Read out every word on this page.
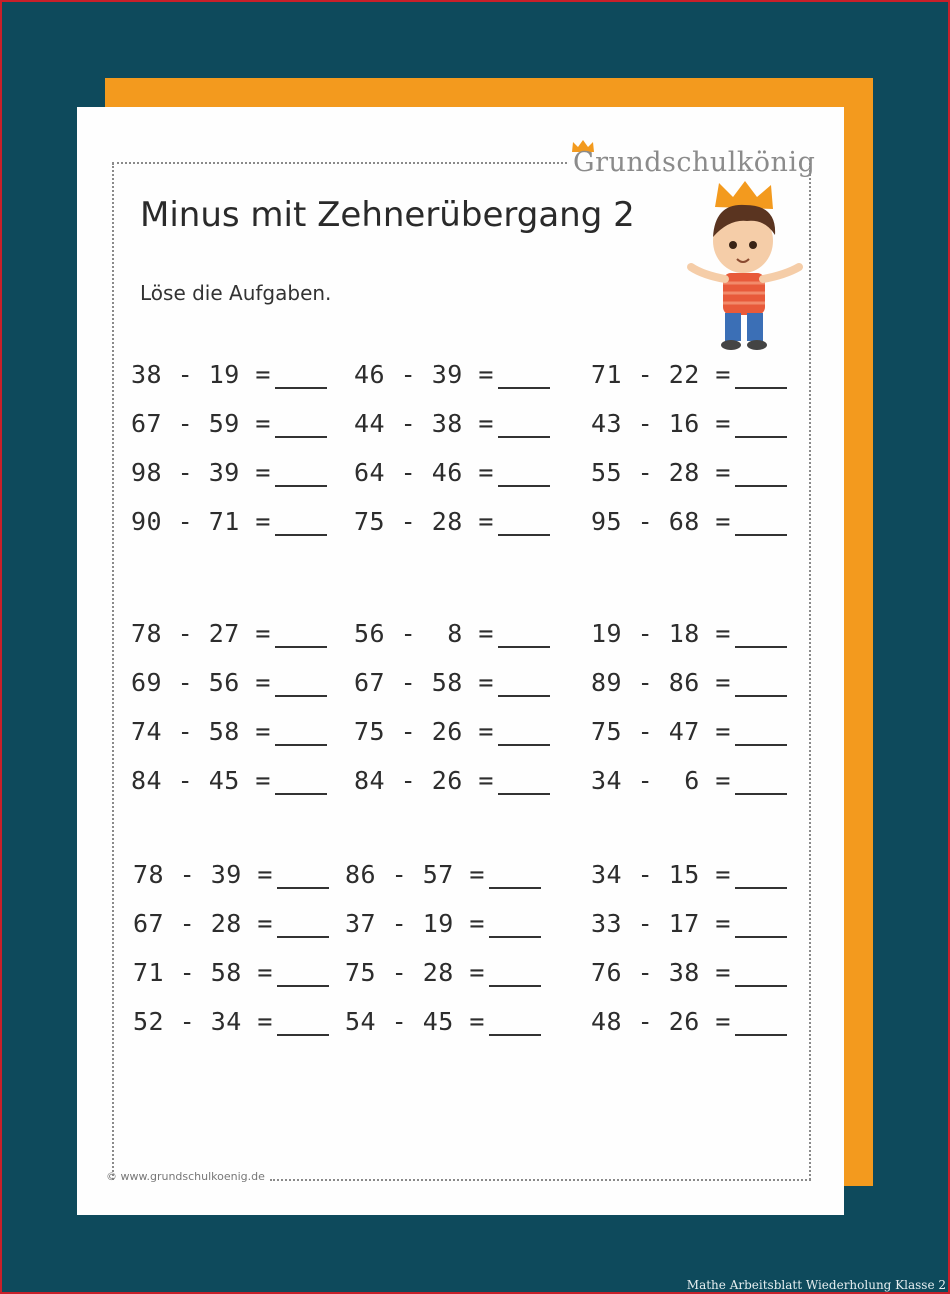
Grundschulkönig
Minus mit Zehnerübergang 2
Löse die Aufgaben.
38 - 19 =
67 - 59 =
98 - 39 =
90 - 71 =
46 - 39 =
44 - 38 =
64 - 46 =
75 - 28 =
71 - 22 =
43 - 16 =
55 - 28 =
95 - 68 =
78 - 27 =
69 - 56 =
74 - 58 =
84 - 45 =
56 -  8 =
67 - 58 =
75 - 26 =
84 - 26 =
19 - 18 =
89 - 86 =
75 - 47 =
34 -  6 =
78 - 39 =
67 - 28 =
71 - 58 =
52 - 34 =
86 - 57 =
37 - 19 =
75 - 28 =
54 - 45 =
34 - 15 =
33 - 17 =
76 - 38 =
48 - 26 =
© www.grundschulkoenig.de
Mathe Arbeitsblatt Wiederholung Klasse 2
